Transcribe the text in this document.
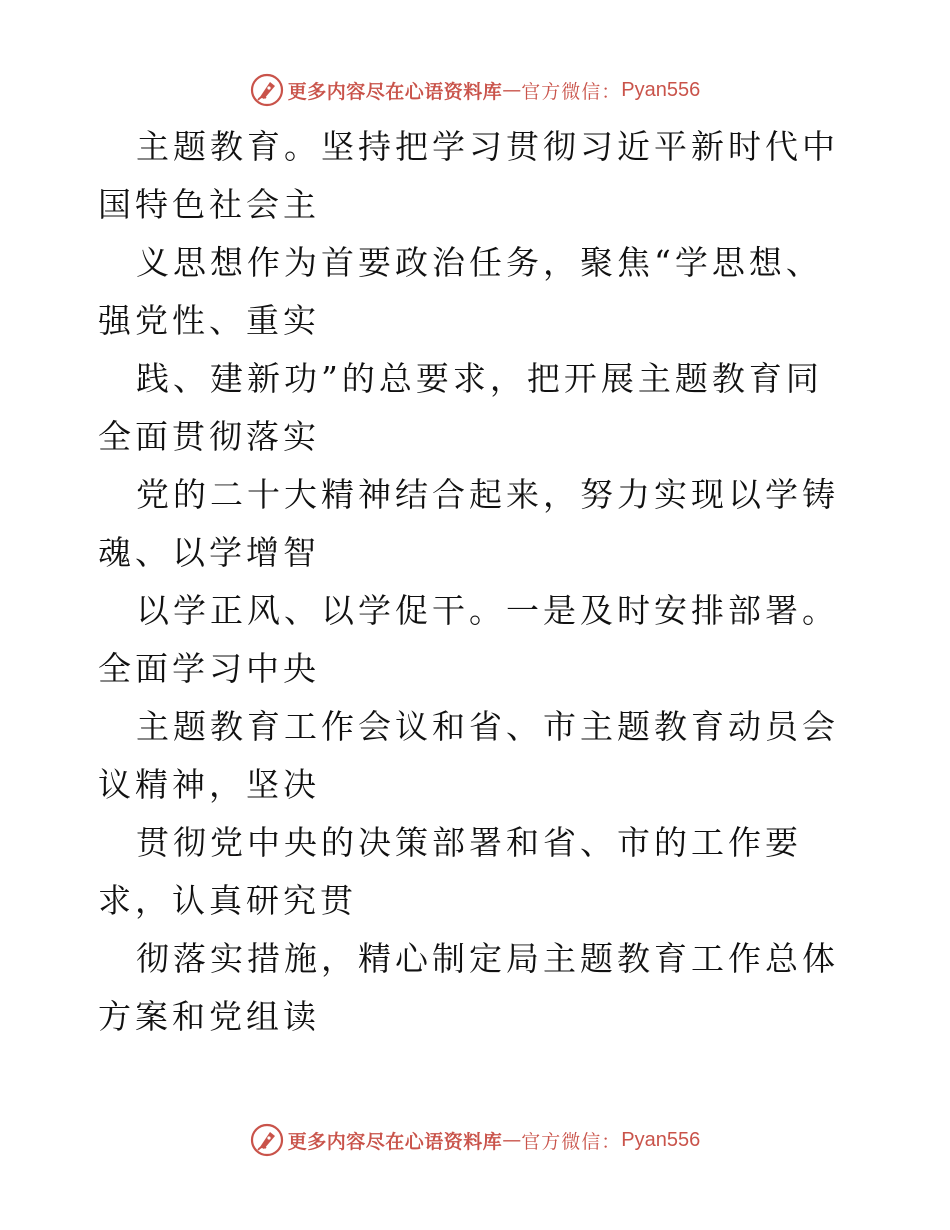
更多内容尽在心语资料库 — 官方微信： Pyan556

主题教育。坚持把学习贯彻习近平新时代中国特色社会主

义思想作为首要政治任务，聚焦“学思想、强党性、重实

践、建新功”的总要求，把开展主题教育同全面贯彻落实

党的二十大精神结合起来，努力实现以学铸魂、以学增智

以学正风、以学促干。一是及时安排部署。全面学习中央

主题教育工作会议和省、市主题教育动员会议精神，坚决

贯彻党中央的决策部署和省、市的工作要求，认真研究贯

彻落实措施，精心制定局主题教育工作总体方案和党组读

更多内容尽在心语资料库 — 官方微信： Pyan556
